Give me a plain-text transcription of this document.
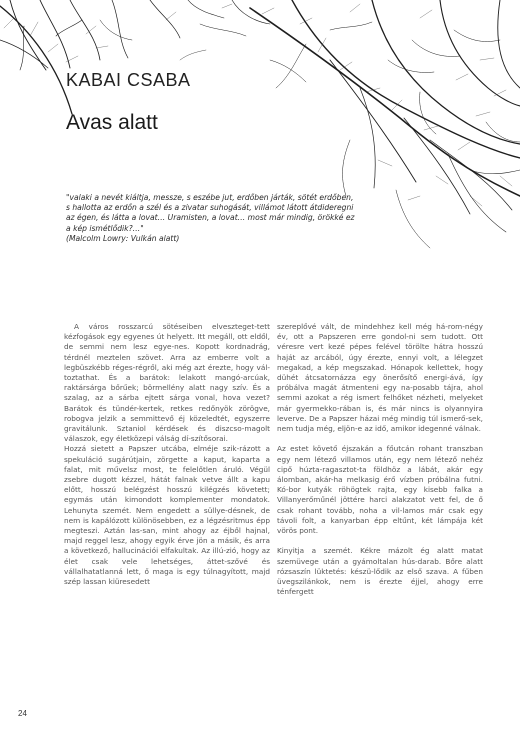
KABAI CSABA
Avas alatt
"valaki a nevét kiáltja, messze, s eszébe jut, erdőben járták, sötét erdőben, s hallotta az erdőn a szél és a zivatar suhogását, villámot látott átdideregni az égen, és látta a lovat… Uramisten, a lovat… most már mindig, örökké ez a kép ismétlődik?…"
(Malcolm Lowry: Vulkán alatt)

A város rosszarcú sötéseiben elveszteget-tett kézfogások egy egyenes út helyett. Itt megáll, ott eldől, de semmi nem lesz egye-nes. Kopott kordnadrág, térdnél meztelen szövet. Arra az emberre volt a legbüszkébb réges-régről, aki még azt érezte, hogy vál-toztathat. És a barátok: lelakott mangó-arcúak, raktársárga bőrűek; börmellény alatt nagy szív. És a szalag, az a sárba ejtett sárga vonal, hova vezet? Barátok és tündér-kertek, retkes redőnyök zörögve, robogva jelzik a semmittevő éj közeledtét, egyszerre gravitálunk. Sztaniol kérdések és diszcso-magolt válaszok, egy életközepi válság dí-szítősorai.

Hozzá sietett a Papszer utcába, elméje szik-rázott a spekuláció sugárútjain, zörgette a kaput, kaparta a falat, mit művelsz most, te felelőtlen áruló. Végül zsebre dugott kézzel, hátát falnak vetve állt a kapu előtt, hosszú belégzést hosszú kilégzés követett; egymás után kimondott komplementer mondatok. Lehunyta szemét. Nem engedett a süllye-désnek, de nem is kapálózott különösebben, ez a légzésritmus épp megteszi. Aztán las-san, mint ahogy az éjből hajnal, majd reggel lesz, ahogy egyik érve jön a másik, és arra a következő, hallucinációi elfakultak. Az illú-zió, hogy az élet csak vele lehetséges, áttet-szővé és vállalhatatlanná lett, ő maga is egy túlnagyított, majd szép lassan kiüresedett

szereplővé vált, de mindehhez kell még há-rom-négy év, ott a Papszeren erre gondol-ni sem tudott. Ott véresre vert kezé pépes felével törölte hátra hosszú haját az arcából, úgy érezte, ennyi volt, a lélegzet megakad, a kép megszakad. Hónapok kellettek, hogy dühét átcsatornázza egy önerősítő energi-ává, így próbálva magát átmenteni egy na-posabb tájra, ahol semmi azokat a rég ismert felhőket nézheti, melyeket már gyermekko-rában is, és már nincs is olyannyira leverve. De a Papszer házai még mindig túl ismerő-sek, nem tudja még, eljön-e az idő, amikor idegenné válnak.

Az estet követő éjszakán a főutcán rohant transzban egy nem létező villamos után, egy nem létező nehéz cipő húzta-ragasztot-ta földhöz a lábát, akár egy álomban, akár-ha melkasig érő vízben próbálna futni. Kó-bor kutyák röhögtek rajta, egy kisebb falka a Villanyerőműnél jöttére harci alakzatot vett fel, de ő csak rohant tovább, noha a vil-lamos már csak egy távoli folt, a kanyarban épp eltűnt, két lámpája két vörös pont.

Kinyitja a szemét. Kékre mázolt ég alatt matat szemüvege után a gyámoltalan hús-darab. Bőre alatt rózsaszín lüktetés: készü-lődik az első szava. A fűben üvegszilánkok, nem is érezte éjjel, ahogy erre ténfergett

24
